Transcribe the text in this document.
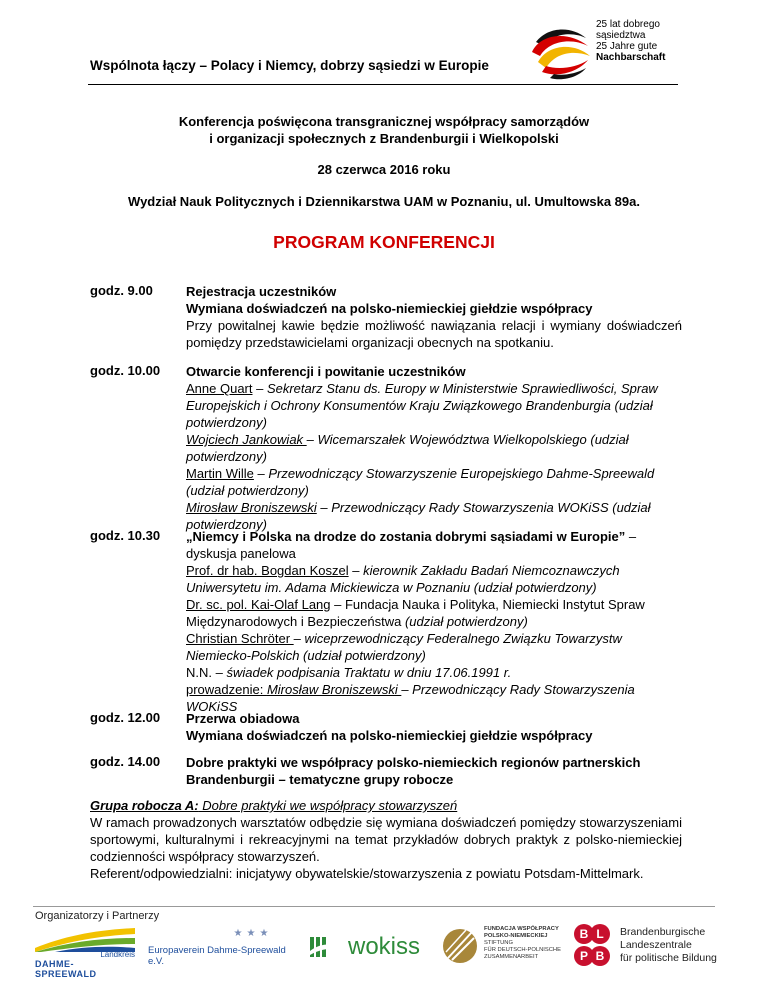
Wspólnota łączy – Polacy i Niemcy, dobrzy sąsiedzi w Europie
25 lat dobrego
sąsiedztwa
25 Jahre gute
Nachbarschaft
Konferencja poświęcona transgranicznej współpracy samorządów
i organizacji społecznych z Brandenburgii i Wielkopolski
28 czerwca 2016 roku
Wydział Nauk Politycznych i Dziennikarstwa UAM w Poznaniu, ul. Umultowska 89a.
PROGRAM KONFERENCJI
godz. 9.00	Rejestracja uczestników
Wymiana doświadczeń na polsko-niemieckiej giełdzie współpracy
Przy powitalnej kawie będzie możliwość nawiązania relacji i wymiany doświadczeń pomiędzy przedstawicielami organizacji obecnych na spotkaniu.
godz. 10.00 Otwarcie konferencji i powitanie uczestników
Anne Quart – Sekretarz Stanu ds. Europy w Ministerstwie Sprawiedliwości, Spraw Europejskich i Ochrony Konsumentów Kraju Związkowego Brandenburgia (udział potwierdzony)
Wojciech Jankowiak – Wicemarszałek Województwa Wielkopolskiego (udział potwierdzony)
Martin Wille – Przewodniczący Stowarzyszenie Europejskiego Dahme-Spreewald (udział potwierdzony)
Mirosław Broniszewski – Przewodniczący Rady Stowarzyszenia WOKiSS (udział potwierdzony)
godz. 10.30 „Niemcy i Polska na drodze do zostania dobrymi sąsiadami w Europie” –
dyskusja panelowa
Prof. dr hab. Bogdan Koszel – kierownik Zakładu Badań Niemcoznawczych Uniwersytetu im. Adama Mickiewicza w Poznaniu (udział potwierdzony)
Dr. sc. pol. Kai-Olaf Lang – Fundacja Nauka i Polityka, Niemiecki Instytut Spraw Międzynarodowych i Bezpieczeństwa (udział potwierdzony)
Christian Schröter – wiceprzewodniczący Federalnego Związku Towarzystw Niemiecko-Polskich (udział potwierdzony)
N.N. – świadek podpisania Traktatu w dniu 17.06.1991 r.
prowadzenie: Mirosław Broniszewski – Przewodniczący Rady Stowarzyszenia WOKiSS
godz. 12.00 Przerwa obiadowa
Wymiana doświadczeń na polsko-niemieckiej giełdzie współpracy
godz. 14.00 Dobre praktyki we współpracy polsko-niemieckich regionów partnerskich Brandenburgii – tematyczne grupy robocze
Grupa robocza A: Dobre praktyki we współpracy stowarzyszeń
W ramach prowadzonych warsztatów odbędzie się wymiana doświadczeń pomiędzy stowarzyszeniami sportowymi, kulturalnymi i rekreacyjnymi na temat przykładów dobrych praktyk z polsko-niemieckiej codzienności współpracy stowarzyszeń.
Referent/odpowiedzialni: inicjatywy obywatelskie/stowarzyszenia z powiatu Potsdam-Mittelmark.
Organizatorzy i Partnerzy
Landkreis
DAHME-SPREEWALD
★★★
Europaverein Dahme-Spreewald e.V.
wokiss
FUNDACJA WSPÓŁPRACY
POLSKO-NIEMIECKIEJ
STIFTUNG
FÜR DEUTSCH-POLNISCHE
ZUSAMMENARBEIT
B L
P B
Brandenburgische
Landeszentrale
für politische Bildung
